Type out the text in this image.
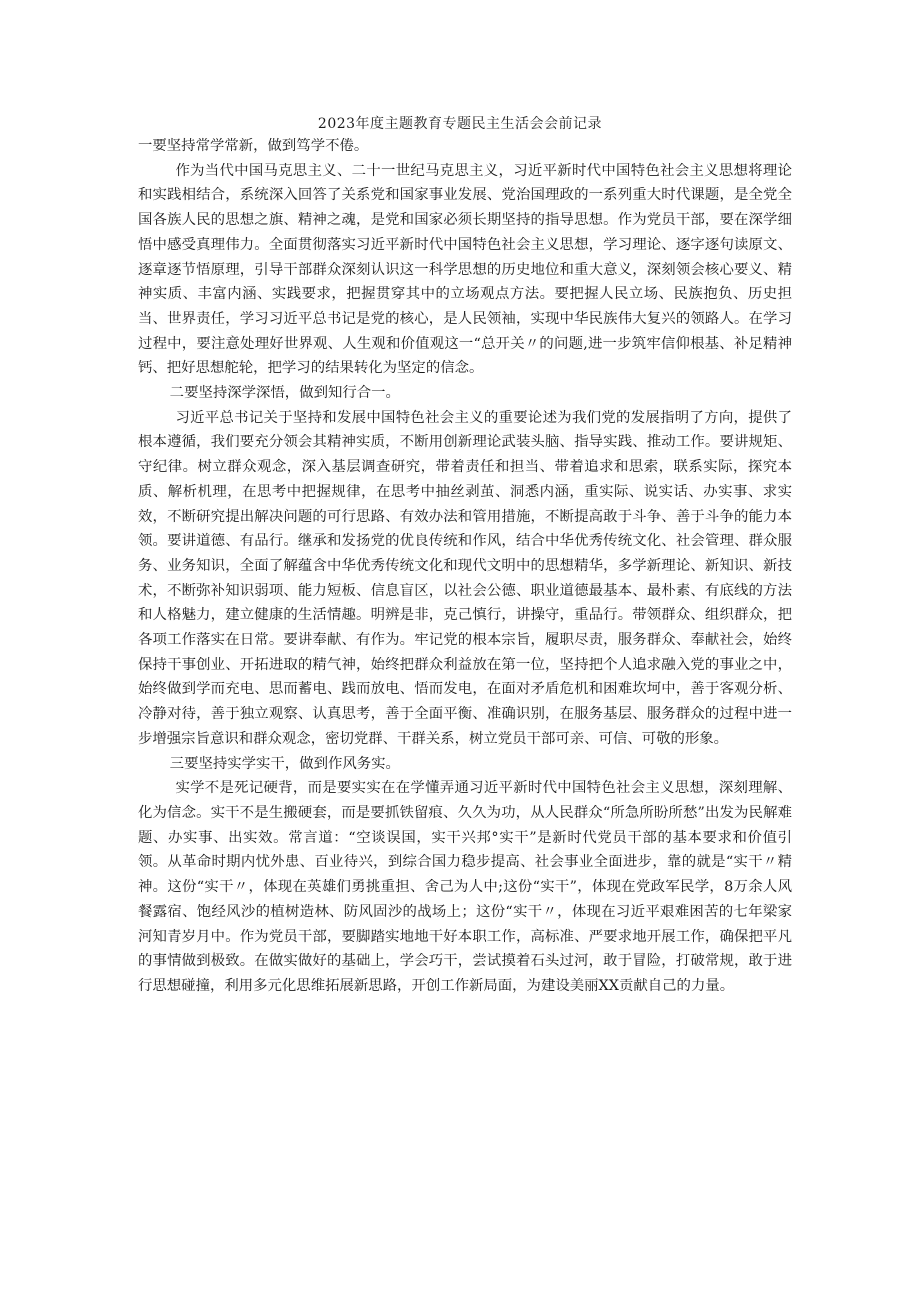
2023年度主题教育专题民主生活会会前记录

一要坚持常学常新，做到笃学不倦。

作为当代中国马克思主义、二十一世纪马克思主义，习近平新时代中国特色社会主义思想将理论和实践相结合，系统深入回答了关系党和国家事业发展、党治国理政的一系列重大时代课题，是全党全国各族人民的思想之旗、精神之魂，是党和国家必须长期坚持的指导思想。作为党员干部，要在深学细悟中感受真理伟力。全面贯彻落实习近平新时代中国特色社会主义思想，学习理论、逐字逐句读原文、逐章逐节悟原理，引导干部群众深刻认识这一科学思想的历史地位和重大意义，深刻领会核心要义、精神实质、丰富内涵、实践要求，把握贯穿其中的立场观点方法。要把握人民立场、民族抱负、历史担当、世界责任，学习习近平总书记是党的核心，是人民领袖，实现中华民族伟大复兴的领路人。在学习过程中，要注意处理好世界观、人生观和价值观这一“总开关〃的问题,进一步筑牢信仰根基、补足精神钙、把好思想舵轮，把学习的结果转化为坚定的信念。

二要坚持深学深悟，做到知行合一。

习近平总书记关于坚持和发展中国特色社会主义的重要论述为我们党的发展指明了方向，提供了根本遵循，我们要充分领会其精神实质，不断用创新理论武装头脑、指导实践、推动工作。要讲规矩、守纪律。树立群众观念，深入基层调查研究，带着责任和担当、带着追求和思索，联系实际，探究本质、解析机理，在思考中把握规律，在思考中抽丝剥茧、洞悉内涵，重实际、说实话、办实事、求实效，不断研究提出解决问题的可行思路、有效办法和管用措施，不断提高敢于斗争、善于斗争的能力本领。要讲道德、有品行。继承和发扬党的优良传统和作风，结合中华优秀传统文化、社会管理、群众服务、业务知识，全面了解蕴含中华优秀传统文化和现代文明中的思想精华，多学新理论、新知识、新技术，不断弥补知识弱项、能力短板、信息盲区，以社会公德、职业道德最基本、最朴素、有底线的方法和人格魅力，建立健康的生活情趣。明辨是非，克己慎行，讲操守，重品行。带领群众、组织群众，把各项工作落实在日常。要讲奉献、有作为。牢记党的根本宗旨，履职尽责，服务群众、奉献社会，始终保持干事创业、开拓进取的精气神，始终把群众利益放在第一位，坚持把个人追求融入党的事业之中，始终做到学而充电、思而蓄电、践而放电、悟而发电，在面对矛盾危机和困难坎坷中，善于客观分析、冷静对待，善于独立观察、认真思考，善于全面平衡、准确识别，在服务基层、服务群众的过程中进一步增强宗旨意识和群众观念，密切党群、干群关系，树立党员干部可亲、可信、可敬的形象。

三要坚持实学实干，做到作风务实。

实学不是死记硬背，而是要实实在在学懂弄通习近平新时代中国特色社会主义思想，深刻理解、化为信念。实干不是生搬硬套，而是要抓铁留痕、久久为功，从人民群众“所急所盼所愁”出发为民解难题、办实事、出实效。常言道：“空谈误国，实干兴邦°实干”是新时代党员干部的基本要求和价值引领。从革命时期内忧外患、百业待兴，到综合国力稳步提高、社会事业全面进步，靠的就是“实干〃精神。这份“实干〃，体现在英雄们勇挑重担、舍己为人中;这份“实干”，体现在党政军民学，8万余人风餐露宿、饱经风沙的植树造林、防风固沙的战场上；这份“实干〃，体现在习近平艰难困苦的七年梁家河知青岁月中。作为党员干部，要脚踏实地地干好本职工作，高标准、严要求地开展工作，确保把平凡的事情做到极致。在做实做好的基础上，学会巧干，尝试摸着石头过河，敢于冒险，打破常规，敢于进行思想碰撞，利用多元化思维拓展新思路，开创工作新局面，为建设美丽XX贡献自己的力量。
